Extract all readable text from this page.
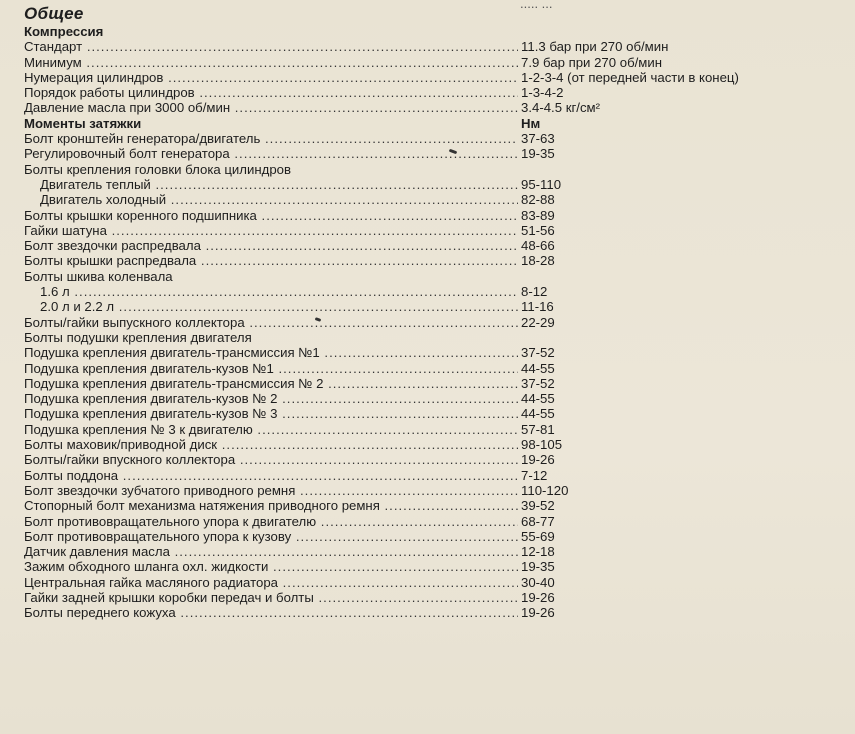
..... ...
Общее
Компрессия
Стандарт .....	11.3 бар при 270 об/мин
Минимум .....	7.9 бар при 270 об/мин
Нумерация цилиндров .....	1-2-3-4 (от передней части в конец)
Порядок работы цилиндров .....	1-3-4-2
Давление масла при 3000 об/мин .....	3.4-4.5 кг/см²
Моменты затяжки	Нм
Болт кронштейн генератора/двигатель .....	37-63
Регулировочный болт генератора .....	19-35
Болты крепления головки блока цилиндров
Двигатель теплый .....	95-110
Двигатель холодный .....	82-88
Болты крышки коренного подшипника .....	83-89
Гайки шатуна .....	51-56
Болт звездочки распредвала .....	48-66
Болты крышки распредвала .....	18-28
Болты шкива коленвала
1.6 л .....	8-12
2.0 л и 2.2 л .....	11-16
Болты/гайки выпускного коллектора .....	22-29
Болты подушки крепления двигателя
Подушка крепления двигатель-трансмиссия №1 .....	37-52
Подушка крепления двигатель-кузов №1 .....	44-55
Подушка крепления двигатель-трансмиссия № 2 .....	37-52
Подушка крепления двигатель-кузов № 2 .....	44-55
Подушка крепления двигатель-кузов № 3 .....	44-55
Подушка крепления № 3 к двигателю .....	57-81
Болты маховик/приводной диск .....	98-105
Болты/гайки впускного коллектора .....	19-26
Болты поддона .....	7-12
Болт звездочки зубчатого приводного ремня .....	110-120
Стопорный болт механизма натяжения приводного ремня .....	39-52
Болт противовращательного упора к двигателю .....	68-77
Болт противовращательного упора к кузову .....	55-69
Датчик давления масла .....	12-18
Зажим обходного шланга охл. жидкости .....	19-35
Центральная гайка масляного радиатора .....	30-40
Гайки задней крышки коробки передач и болты .....	19-26
Болты переднего кожуха .....	19-26
